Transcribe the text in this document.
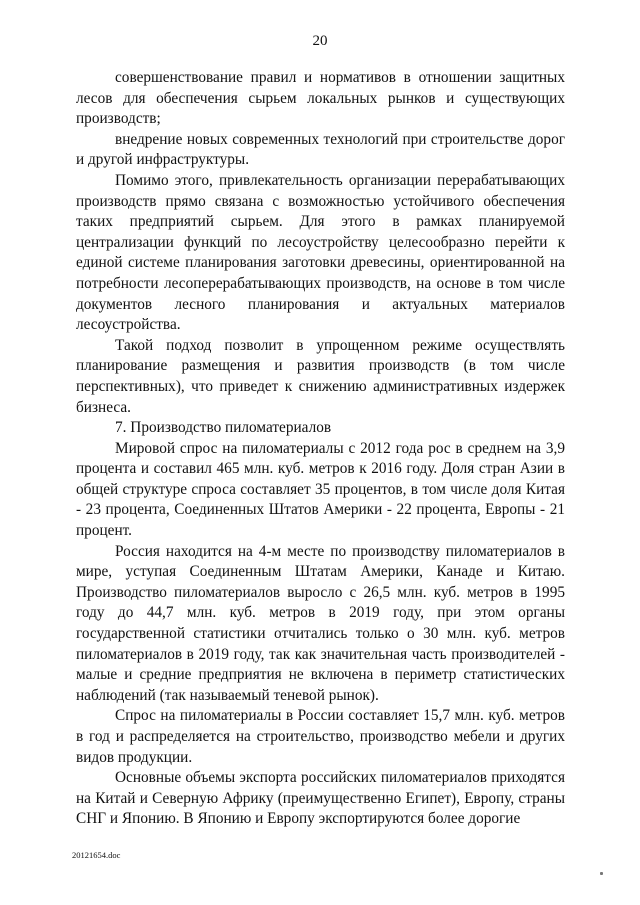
20

совершенствование правил и нормативов в отношении защитных лесов для обеспечения сырьем локальных рынков и существующих производств;

внедрение новых современных технологий при строительстве дорог и другой инфраструктуры.

Помимо этого, привлекательность организации перерабатывающих производств прямо связана с возможностью устойчивого обеспечения таких предприятий сырьем. Для этого в рамках планируемой централизации функций по лесоустройству целесообразно перейти к единой системе планирования заготовки древесины, ориентированной на потребности лесоперерабатывающих производств, на основе в том числе документов лесного планирования и актуальных материалов лесоустройства.

Такой подход позволит в упрощенном режиме осуществлять планирование размещения и развития производств (в том числе перспективных), что приведет к снижению административных издержек бизнеса.

7. Производство пиломатериалов

Мировой спрос на пиломатериалы с 2012 года рос в среднем на 3,9 процента и составил 465 млн. куб. метров к 2016 году. Доля стран Азии в общей структуре спроса составляет 35 процентов, в том числе доля Китая - 23 процента, Соединенных Штатов Америки - 22 процента, Европы - 21 процент.

Россия находится на 4-м месте по производству пиломатериалов в мире, уступая Соединенным Штатам Америки, Канаде и Китаю. Производство пиломатериалов выросло с 26,5 млн. куб. метров в 1995 году до 44,7 млн. куб. метров в 2019 году, при этом органы государственной статистики отчитались только о 30 млн. куб. метров пиломатериалов в 2019 году, так как значительная часть производителей - малые и средние предприятия не включена в периметр статистических наблюдений (так называемый теневой рынок).

Спрос на пиломатериалы в России составляет 15,7 млн. куб. метров в год и распределяется на строительство, производство мебели и других видов продукции.

Основные объемы экспорта российских пиломатериалов приходятся на Китай и Северную Африку (преимущественно Египет), Европу, страны СНГ и Японию. В Японию и Европу экспортируются более дорогие

20121654.doc
